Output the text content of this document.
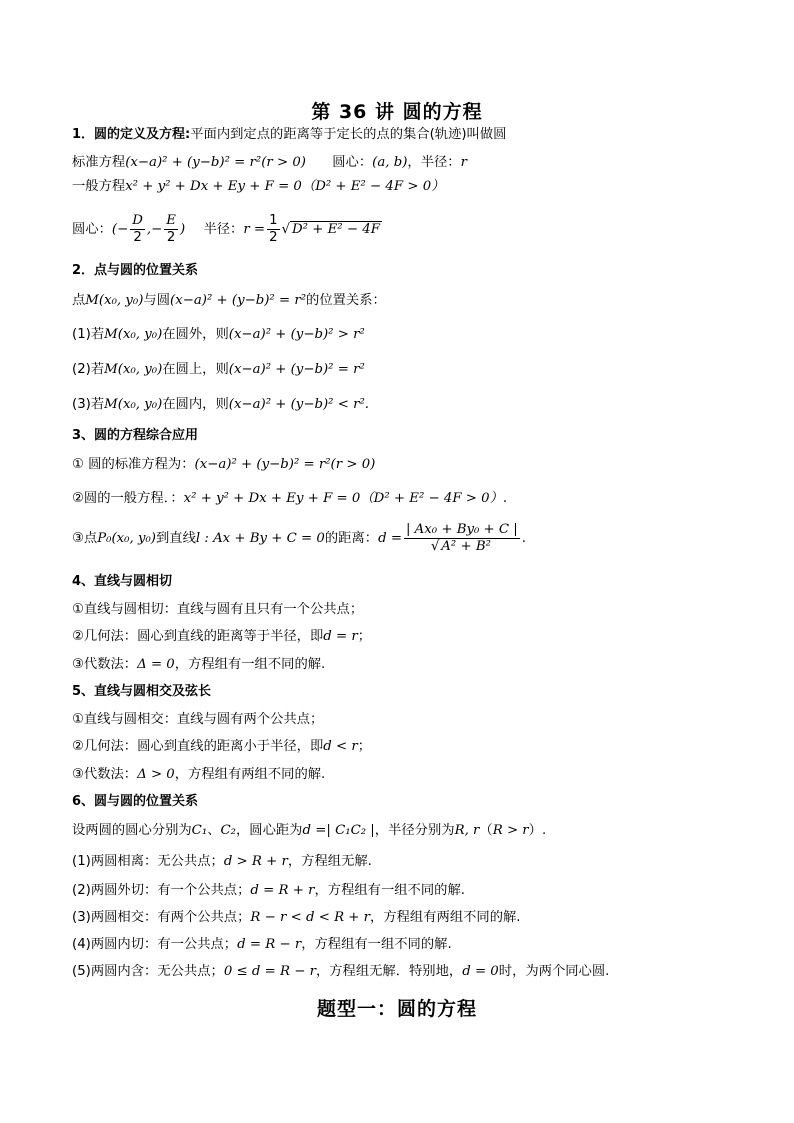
第 36 讲 圆的方程
1．圆的定义及方程:平面内到定点的距离等于定长的点的集合(轨迹)叫做圆
标准方程(x−a)² + (y−b)² = r²(r > 0) 圆心：(a, b)，半径：r
一般方程x² + y² + Dx + Ey + F = 0（D² + E² − 4F > 0）
圆心：(− $\frac{D}{2}$ ,− $\frac{E}{2}$ ) 半径：$r = \frac{1}{2}$ √ D² + E² − 4F
2．点与圆的位置关系
点M(x₀, y₀)与圆(x−a)² + (y−b)² = r²的位置关系：
(1)若M(x₀, y₀)在圆外，则(x−a)² + (y−b)² > r²
(2)若M(x₀, y₀)在圆上，则(x−a)² + (y−b)² = r²
(3)若M(x₀, y₀)在圆内，则(x−a)² + (y−b)² < r².
3、圆的方程综合应用
① 圆的标准方程为：(x−a)² + (y−b)² = r²(r > 0)
②圆的一般方程．：x² + y² + Dx + Ey + F = 0（D² + E² − 4F > 0）.
③点P₀(x₀, y₀)到直线l : Ax + By + C = 0的距离：$d = \frac{\text{| Ax₀ + By₀ + C |}}{\text{√ A² + B²}}$ .
4、直线与圆相切
①直线与圆相切：直线与圆有且只有一个公共点；
②几何法：圆心到直线的距离等于半径，即d = r；
③代数法：Δ = 0，方程组有一组不同的解.
5、直线与圆相交及弦长
①直线与圆相交：直线与圆有两个公共点；
②几何法：圆心到直线的距离小于半径，即d < r；
③代数法：Δ > 0，方程组有两组不同的解.
6、圆与圆的位置关系
设两圆的圆心分别为C₁、C₂，圆心距为d =| C₁C₂ |，半径分别为R, r（R > r）.
(1)两圆相离：无公共点；d > R + r，方程组无解.
(2)两圆外切：有一个公共点；d = R + r，方程组有一组不同的解.
(3)两圆相交：有两个公共点；R − r < d < R + r，方程组有两组不同的解.
(4)两圆内切：有一公共点；d = R − r，方程组有一组不同的解.
(5)两圆内含：无公共点；0 ≤ d = R − r，方程组无解．特别地，d = 0时，为两个同心圆.
题型一：圆的方程
